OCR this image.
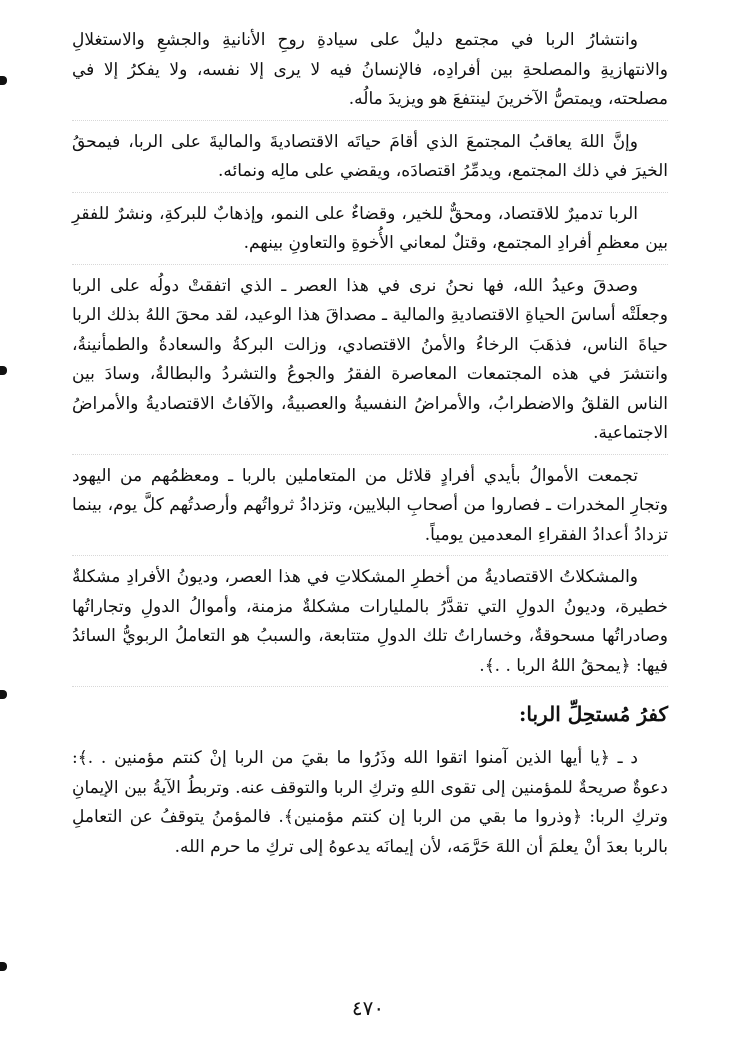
وانتشارُ الربا في مجتمع دليلٌ على سيادةِ روحِ الأنانيةِ والجشعِ والاستغلالِ والانتهازيةِ والمصلحةِ بين أفرادِه، فالإنسانُ فيه لا يرى إلا نفسه، ولا يفكرُ إلا في مصلحته، ويمتصُّ الآخرينَ لينتفعَ هو ويزيدَ مالُه.

وإنَّ اللهَ يعاقبُ المجتمعَ الذي أقامَ حياتَه الاقتصاديةَ والماليةَ على الربا، فيمحقُ الخيرَ في ذلك المجتمع، ويدمِّرُ اقتصادَه، ويقضي على مالِه ونمائه.

الربا تدميرٌ للاقتصاد، ومحقٌّ للخير، وقضاءٌ على النمو، وإذهابٌ للبركةِ، ونشرٌ للفقرِ بين معظمِ أفرادِ المجتمع، وقتلٌ لمعاني الأُخوةِ والتعاونِ بينهم.

وصدقَ وعيدُ الله، فها نحنُ نرى في هذا العصر ـ الذي اتفقتْ دولُه على الربا وجعلَتْه أساسَ الحياةِ الاقتصاديةِ والمالية ـ مصداقَ هذا الوعيد، لقد محقَ اللهُ بذلك الربا حياةَ الناس، فذهَبَ الرخاءُ والأمنُ الاقتصادي، وزالت البركةُ والسعادةُ والطمأنينةُ، وانتشرَ في هذه المجتمعات المعاصرة الفقرُ والجوعُ والتشردُ والبطالةُ، وسادَ بين الناس القلقُ والاضطرابُ، والأمراضُ النفسيةُ والعصبيةُ، والآفاتُ الاقتصاديةُ والأمراضُ الاجتماعية.

تجمعت الأموالُ بأيدي أفرادٍ قلائل من المتعاملين بالربا ـ ومعظمُهم من اليهود وتجارِ المخدرات ـ فصاروا من أصحابِ البلايين، وتزدادُ ثرواتُهم وأرصدتُهم كلَّ يوم، بينما تزدادُ أعدادُ الفقراءِ المعدمين يومياً.

والمشكلاتُ الاقتصاديةُ من أخطرِ المشكلاتِ في هذا العصر، وديونُ الأفرادِ مشكلةٌ خطيرة، وديونُ الدولِ التي تقدَّرُ بالمليارات مشكلةٌ مزمنة، وأموالُ الدولِ وتجاراتُها وصادراتُها مسحوقةٌ، وخساراتُ تلك الدولِ متتابعة، والسببُ هو التعاملُ الربويُّ السائدُ فيها: ﴿يمحقُ اللهُ الربا . .﴾.

كفرُ مُستحِلِّ الربا:

د ـ ﴿يا أيها الذين آمنوا اتقوا الله وذَرُوا ما بقيَ من الربا إنْ كنتم مؤمنين . .﴾: دعوةٌ صريحةٌ للمؤمنين إلى تقوى اللهِ وتركِ الربا والتوقف عنه. وتربطُ الآيةُ بين الإيمانِ وتركِ الربا: ﴿وذروا ما بقي من الربا إن كنتم مؤمنين﴾. فالمؤمنُ يتوقفُ عن التعاملِ بالربا بعدَ أنْ يعلمَ أن اللهَ حَرَّمَه، لأن إيمانَه يدعوهُ إلى تركِ ما حرم الله.

٤٧٠
